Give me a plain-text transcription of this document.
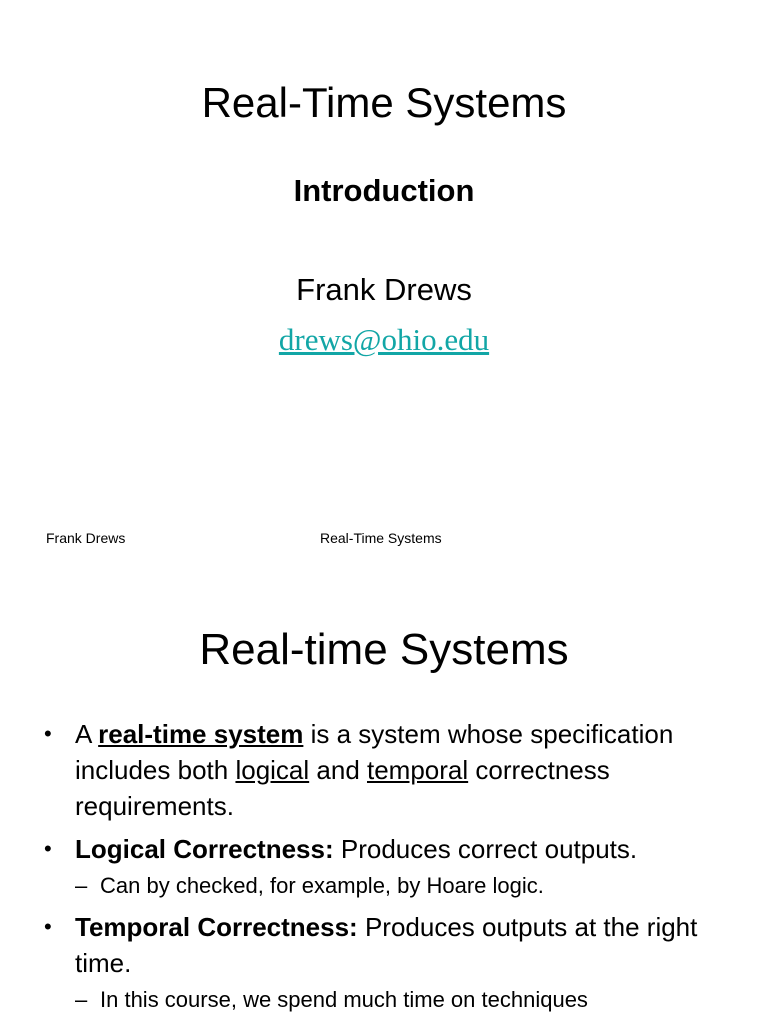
Real-Time Systems
Introduction
Frank Drews
drews@ohio.edu
Frank Drews	Real-Time Systems
Real-time Systems
• A real-time system is a system whose specification includes both logical and temporal correctness requirements.
• Logical Correctness: Produces correct outputs.
– Can by checked, for example, by Hoare logic.
• Temporal Correctness: Produces outputs at the right time.
– In this course, we spend much time on techniques
